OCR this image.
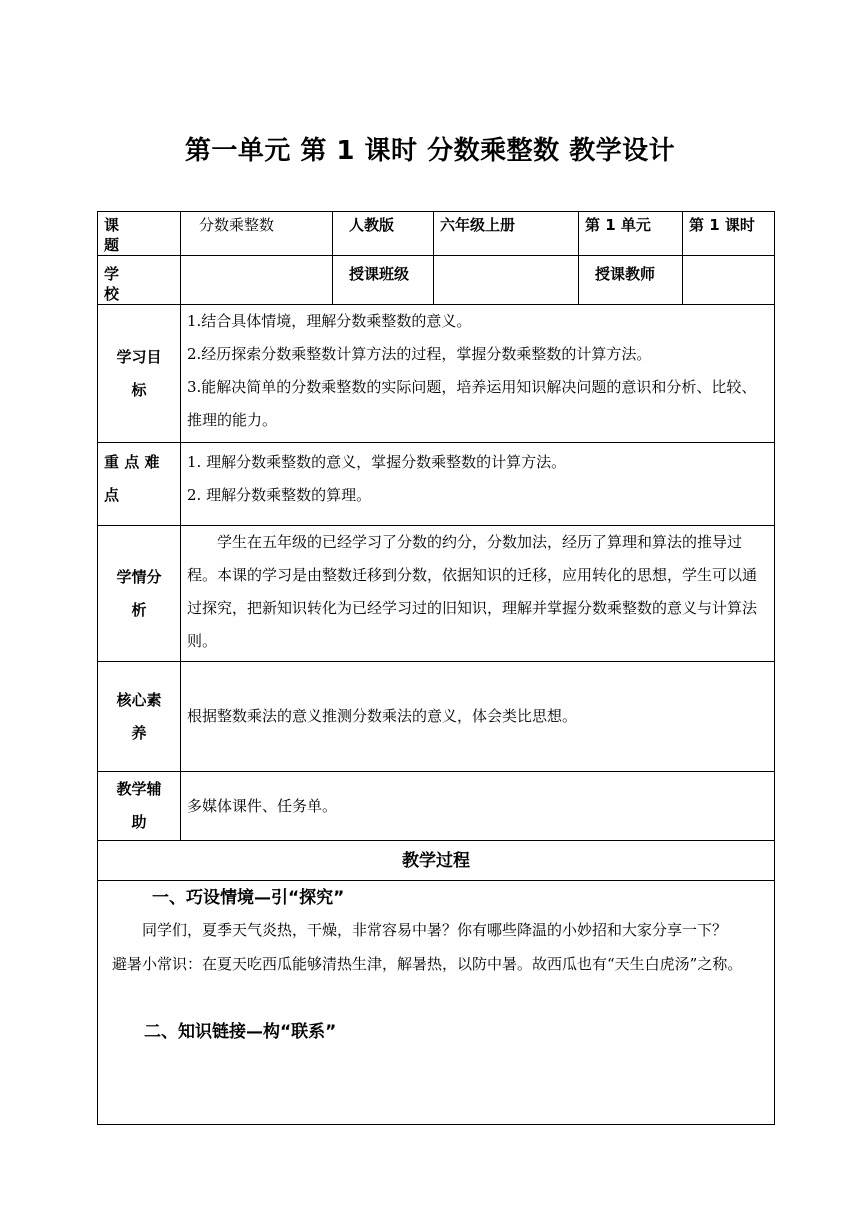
第一单元 第 1 课时 分数乘整数 教学设计
课 题	分数乘整数	人教版	六年级上册	第 1 单元	第 1 课时
学 校		授课班级		授课教师	
学习目标	1.结合具体情境，理解分数乘整数的意义。

2.经历探索分数乘整数计算方法的过程，掌握分数乘整数的计算方法。

3.能解决简单的分数乘整数的实际问题，培养运用知识解决问题的意识和分析、比较、推理的能力。				

重 点 难 点	1. 理解分数乘整数的意义，掌握分数乘整数的计算方法。

2. 理解分数乘整数的算理。				

学情分析	学生在五年级的已经学习了分数的约分，分数加法，经历了算理和算法的推导过程。本课的学习是由整数迁移到分数，依据知识的迁移，应用转化的思想，学生可以通过探究，把新知识转化为已经学习过的旧知识，理解并掌握分数乘整数的意义与计算法则。				

核心素养	根据整数乘法的意义推测分数乘法的意义，体会类比思想。				

教学辅助	多媒体课件、任务单。				

教学过程					

一、巧设情境—引“探究”

同学们，夏季天气炎热，干燥，非常容易中暑？你有哪些降温的小妙招和大家分享一下？

避暑小常识：在夏天吃西瓜能够清热生津，解暑热，以防中暑。故西瓜也有“天生白虎汤”之称。

二、知识链接—构“联系”					
